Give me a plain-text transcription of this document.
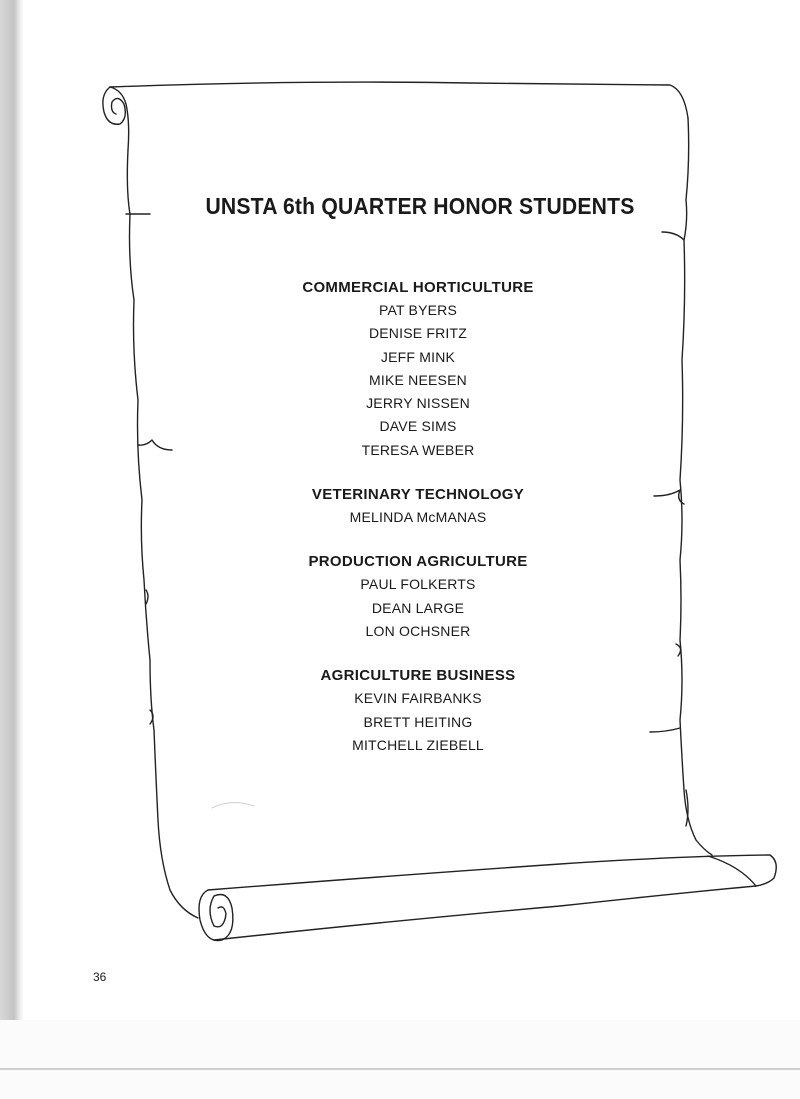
UNSTA 6th QUARTER HONOR STUDENTS
COMMERCIAL HORTICULTURE
PAT BYERS
DENISE FRITZ
JEFF MINK
MIKE NEESEN
JERRY NISSEN
DAVE SIMS
TERESA WEBER
VETERINARY TECHNOLOGY
MELINDA McMANAS
PRODUCTION AGRICULTURE
PAUL FOLKERTS
DEAN LARGE
LON OCHSNER
AGRICULTURE BUSINESS
KEVIN FAIRBANKS
BRETT HEITING
MITCHELL ZIEBELL
36
